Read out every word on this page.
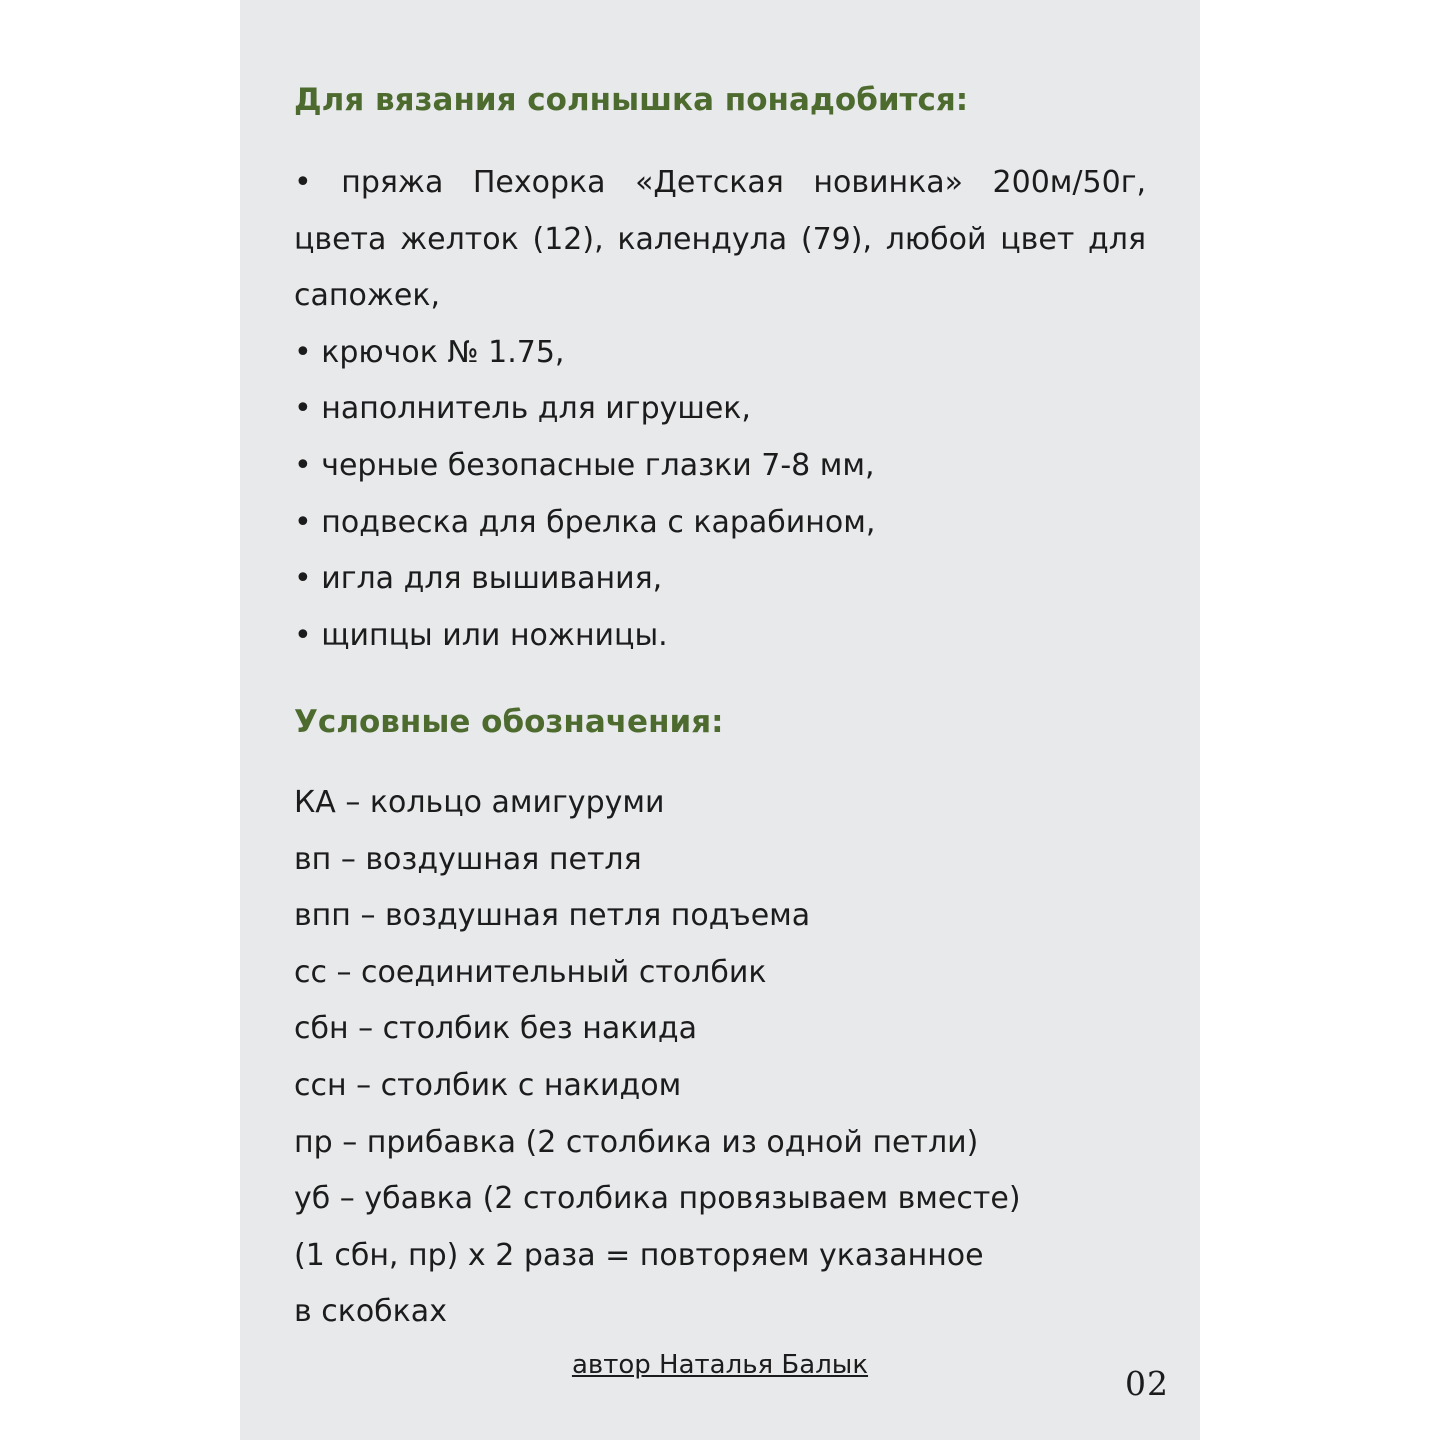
Для вязания солнышка понадобится:
• пряжа Пехорка «Детская новинка» 200м/50г, цвета желток (12), календула (79), любой цвет для сапожек,
• крючок № 1.75,
• наполнитель для игрушек,
• черные безопасные глазки 7-8 мм,
• подвеска для брелка с карабином,
• игла для вышивания,
• щипцы или ножницы.
Условные обозначения:
КА – кольцо амигуруми
вп – воздушная петля
впп – воздушная петля подъема
сс – соединительный столбик
сбн – столбик без накида
ссн – столбик с накидом
пр – прибавка (2 столбика из одной петли)
уб – убавка (2 столбика провязываем вместе)
(1 сбн, пр) х 2 раза = повторяем указанное
в скобках
автор Наталья Балык	02
